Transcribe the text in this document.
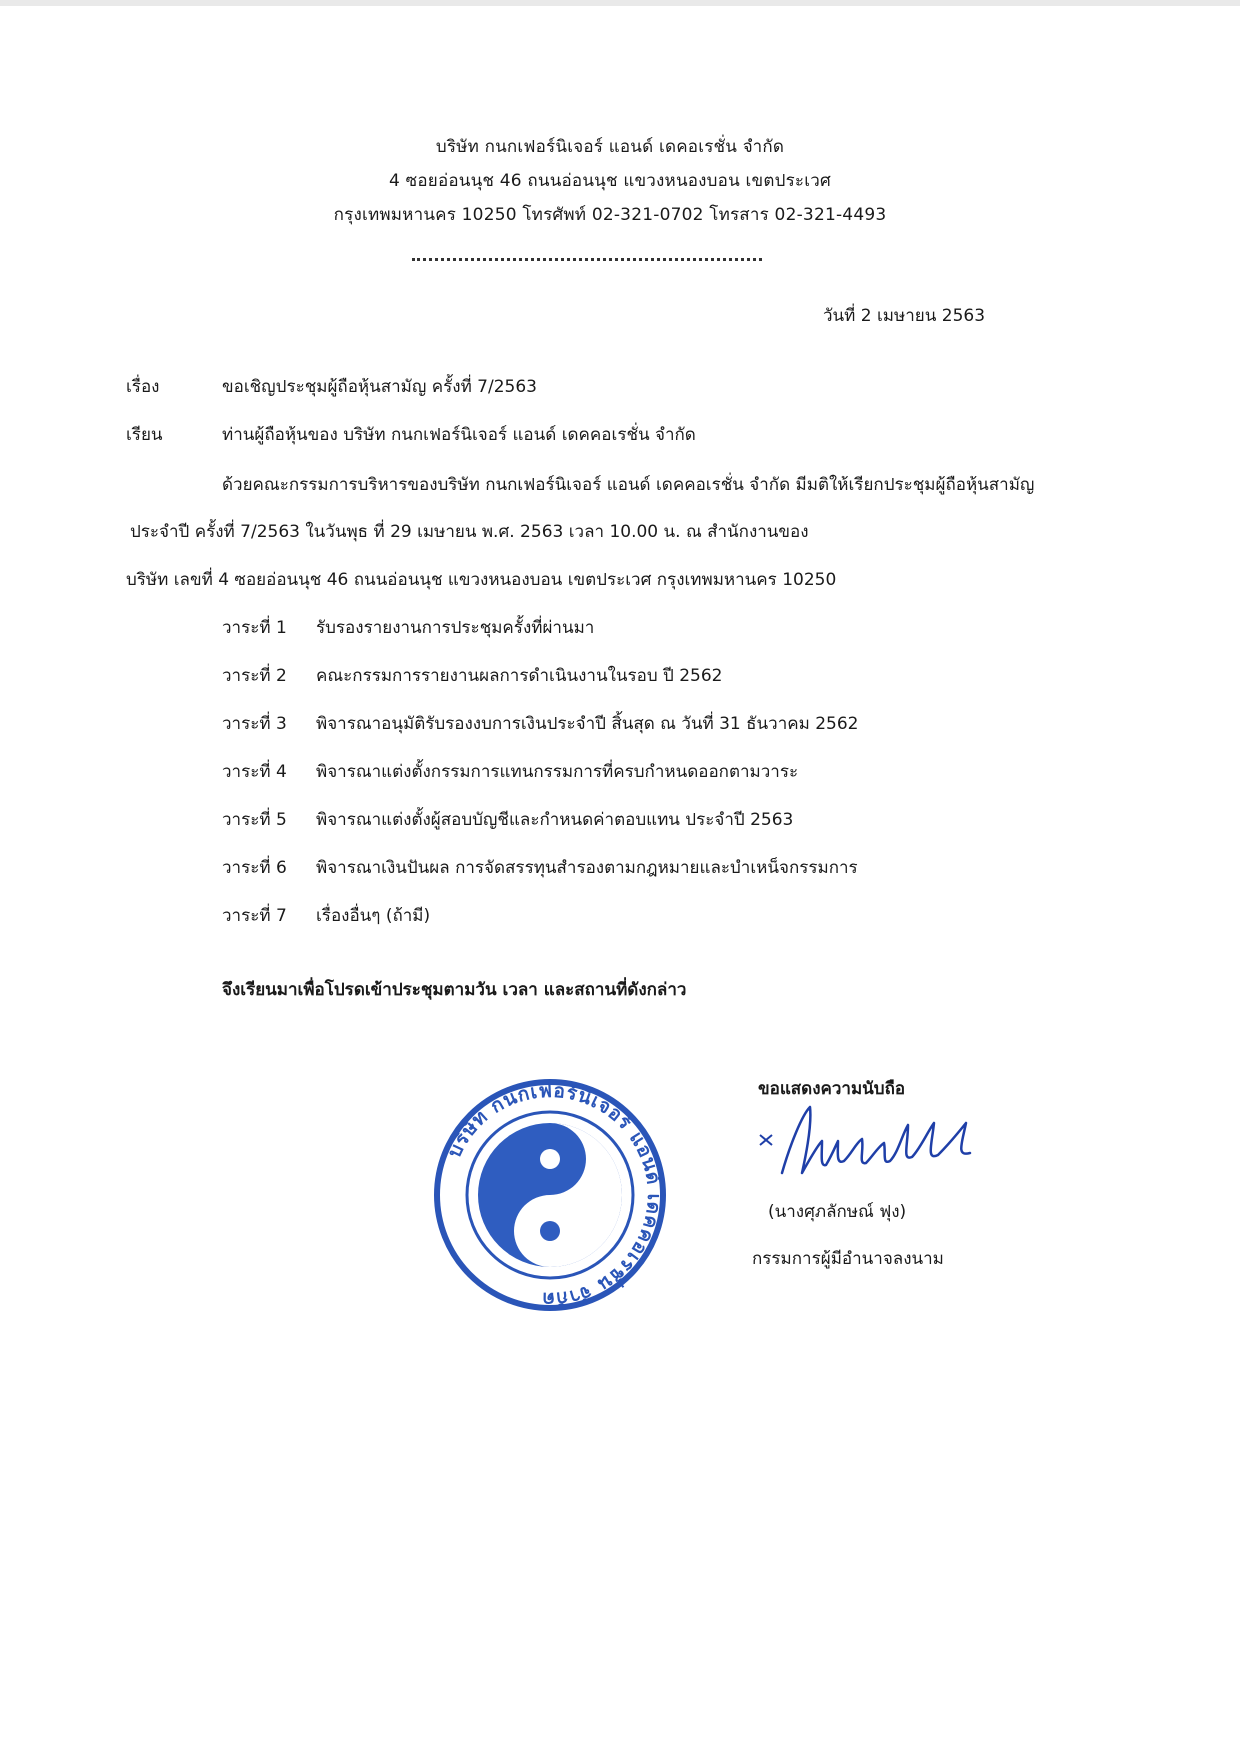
บริษัท กนกเฟอร์นิเจอร์ แอนด์ เดคอเรชั่น จำกัด
4 ซอยอ่อนนุช 46 ถนนอ่อนนุช แขวงหนองบอน เขตประเวศ
กรุงเทพมหานคร 10250 โทรศัพท์ 02-321-0702 โทรสาร 02-321-4493
วันที่ 2 เมษายน 2563
เรื่อง	ขอเชิญประชุมผู้ถือหุ้นสามัญ ครั้งที่ 7/2563
เรียน	ท่านผู้ถือหุ้นของ บริษัท กนกเฟอร์นิเจอร์ แอนด์ เดคคอเรชั่น จำกัด
ด้วยคณะกรรมการบริหารของบริษัท กนกเฟอร์นิเจอร์ แอนด์ เดคคอเรชั่น จำกัด มีมติให้เรียกประชุมผู้ถือหุ้นสามัญ
ประจำปี ครั้งที่ 7/2563 ในวันพุธ ที่ 29 เมษายน พ.ศ. 2563 เวลา 10.00 น. ณ สำนักงานของ
บริษัท เลขที่ 4 ซอยอ่อนนุช 46 ถนนอ่อนนุช แขวงหนองบอน เขตประเวศ กรุงเทพมหานคร 10250
วาระที่ 1 รับรองรายงานการประชุมครั้งที่ผ่านมา
วาระที่ 2 คณะกรรมการรายงานผลการดำเนินงานในรอบ ปี 2562
วาระที่ 3 พิจารณาอนุมัติรับรองงบการเงินประจำปี สิ้นสุด ณ วันที่ 31 ธันวาคม 2562
วาระที่ 4 พิจารณาแต่งตั้งกรรมการแทนกรรมการที่ครบกำหนดออกตามวาระ
วาระที่ 5 พิจารณาแต่งตั้งผู้สอบบัญชีและกำหนดค่าตอบแทน ประจำปี 2563
วาระที่ 6 พิจารณาเงินปันผล การจัดสรรทุนสำรองตามกฎหมายและบำเหน็จกรรมการ
วาระที่ 7 เรื่องอื่นๆ (ถ้ามี)
จึงเรียนมาเพื่อโปรดเข้าประชุมตามวัน เวลา และสถานที่ดังกล่าว
ขอแสดงความนับถือ
(นางศุภลักษณ์ ฟุง)
กรรมการผู้มีอำนาจลงนาม
บริษัท กนกเฟอร์นิเจอร์ แอนด์ เดคคอเรชั่น จำกัด
